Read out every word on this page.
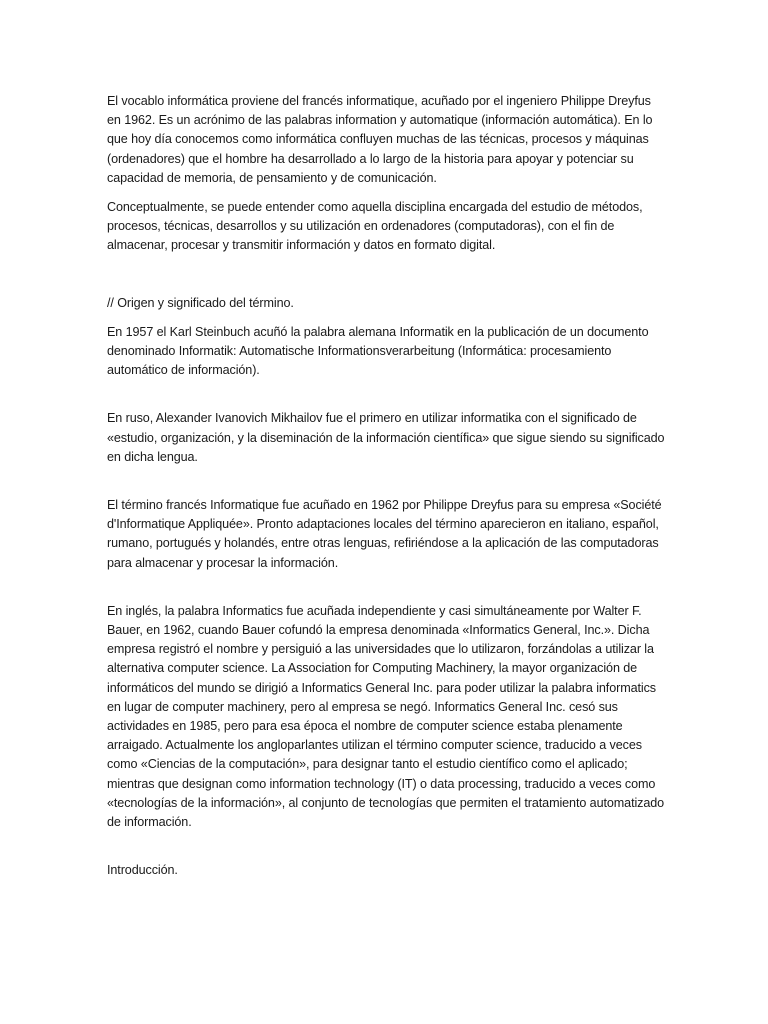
El vocablo informática proviene del francés informatique, acuñado por el ingeniero Philippe Dreyfus en 1962. Es un acrónimo de las palabras information y automatique (información automática). En lo que hoy día conocemos como informática confluyen muchas de las técnicas, procesos y máquinas (ordenadores) que el hombre ha desarrollado a lo largo de la historia para apoyar y potenciar su capacidad de memoria, de pensamiento y de comunicación.

Conceptualmente, se puede entender como aquella disciplina encargada del estudio de métodos, procesos, técnicas, desarrollos y su utilización en ordenadores (computadoras), con el fin de almacenar, procesar y transmitir información y datos en formato digital.

// Origen y significado del término.

En 1957 el Karl Steinbuch acuñó la palabra alemana Informatik en la publicación de un documento denominado Informatik: Automatische Informationsverarbeitung (Informática: procesamiento automático de información).

En ruso, Alexander Ivanovich Mikhailov fue el primero en utilizar informatika con el significado de «estudio, organización, y la diseminación de la información científica» que sigue siendo su significado en dicha lengua.

El término francés Informatique fue acuñado en 1962 por Philippe Dreyfus para su empresa «Société d'Informatique Appliquée». Pronto adaptaciones locales del término aparecieron en italiano, español, rumano, portugués y holandés, entre otras lenguas, refiriéndose a la aplicación de las computadoras para almacenar y procesar la información.

En inglés, la palabra Informatics fue acuñada independiente y casi simultáneamente por Walter F. Bauer, en 1962, cuando Bauer cofundó la empresa denominada «Informatics General, Inc.». Dicha empresa registró el nombre y persiguió a las universidades que lo utilizaron, forzándolas a utilizar la alternativa computer science. La Association for Computing Machinery, la mayor organización de informáticos del mundo se dirigió a Informatics General Inc. para poder utilizar la palabra informatics en lugar de computer machinery, pero al empresa se negó. Informatics General Inc. cesó sus actividades en 1985, pero para esa época el nombre de computer science estaba plenamente arraigado. Actualmente los angloparlantes utilizan el término computer science, traducido a veces como «Ciencias de la computación», para designar tanto el estudio científico como el aplicado; mientras que designan como information technology (IT) o data processing, traducido a veces como «tecnologías de la información», al conjunto de tecnologías que permiten el tratamiento automatizado de información.

Introducción.
